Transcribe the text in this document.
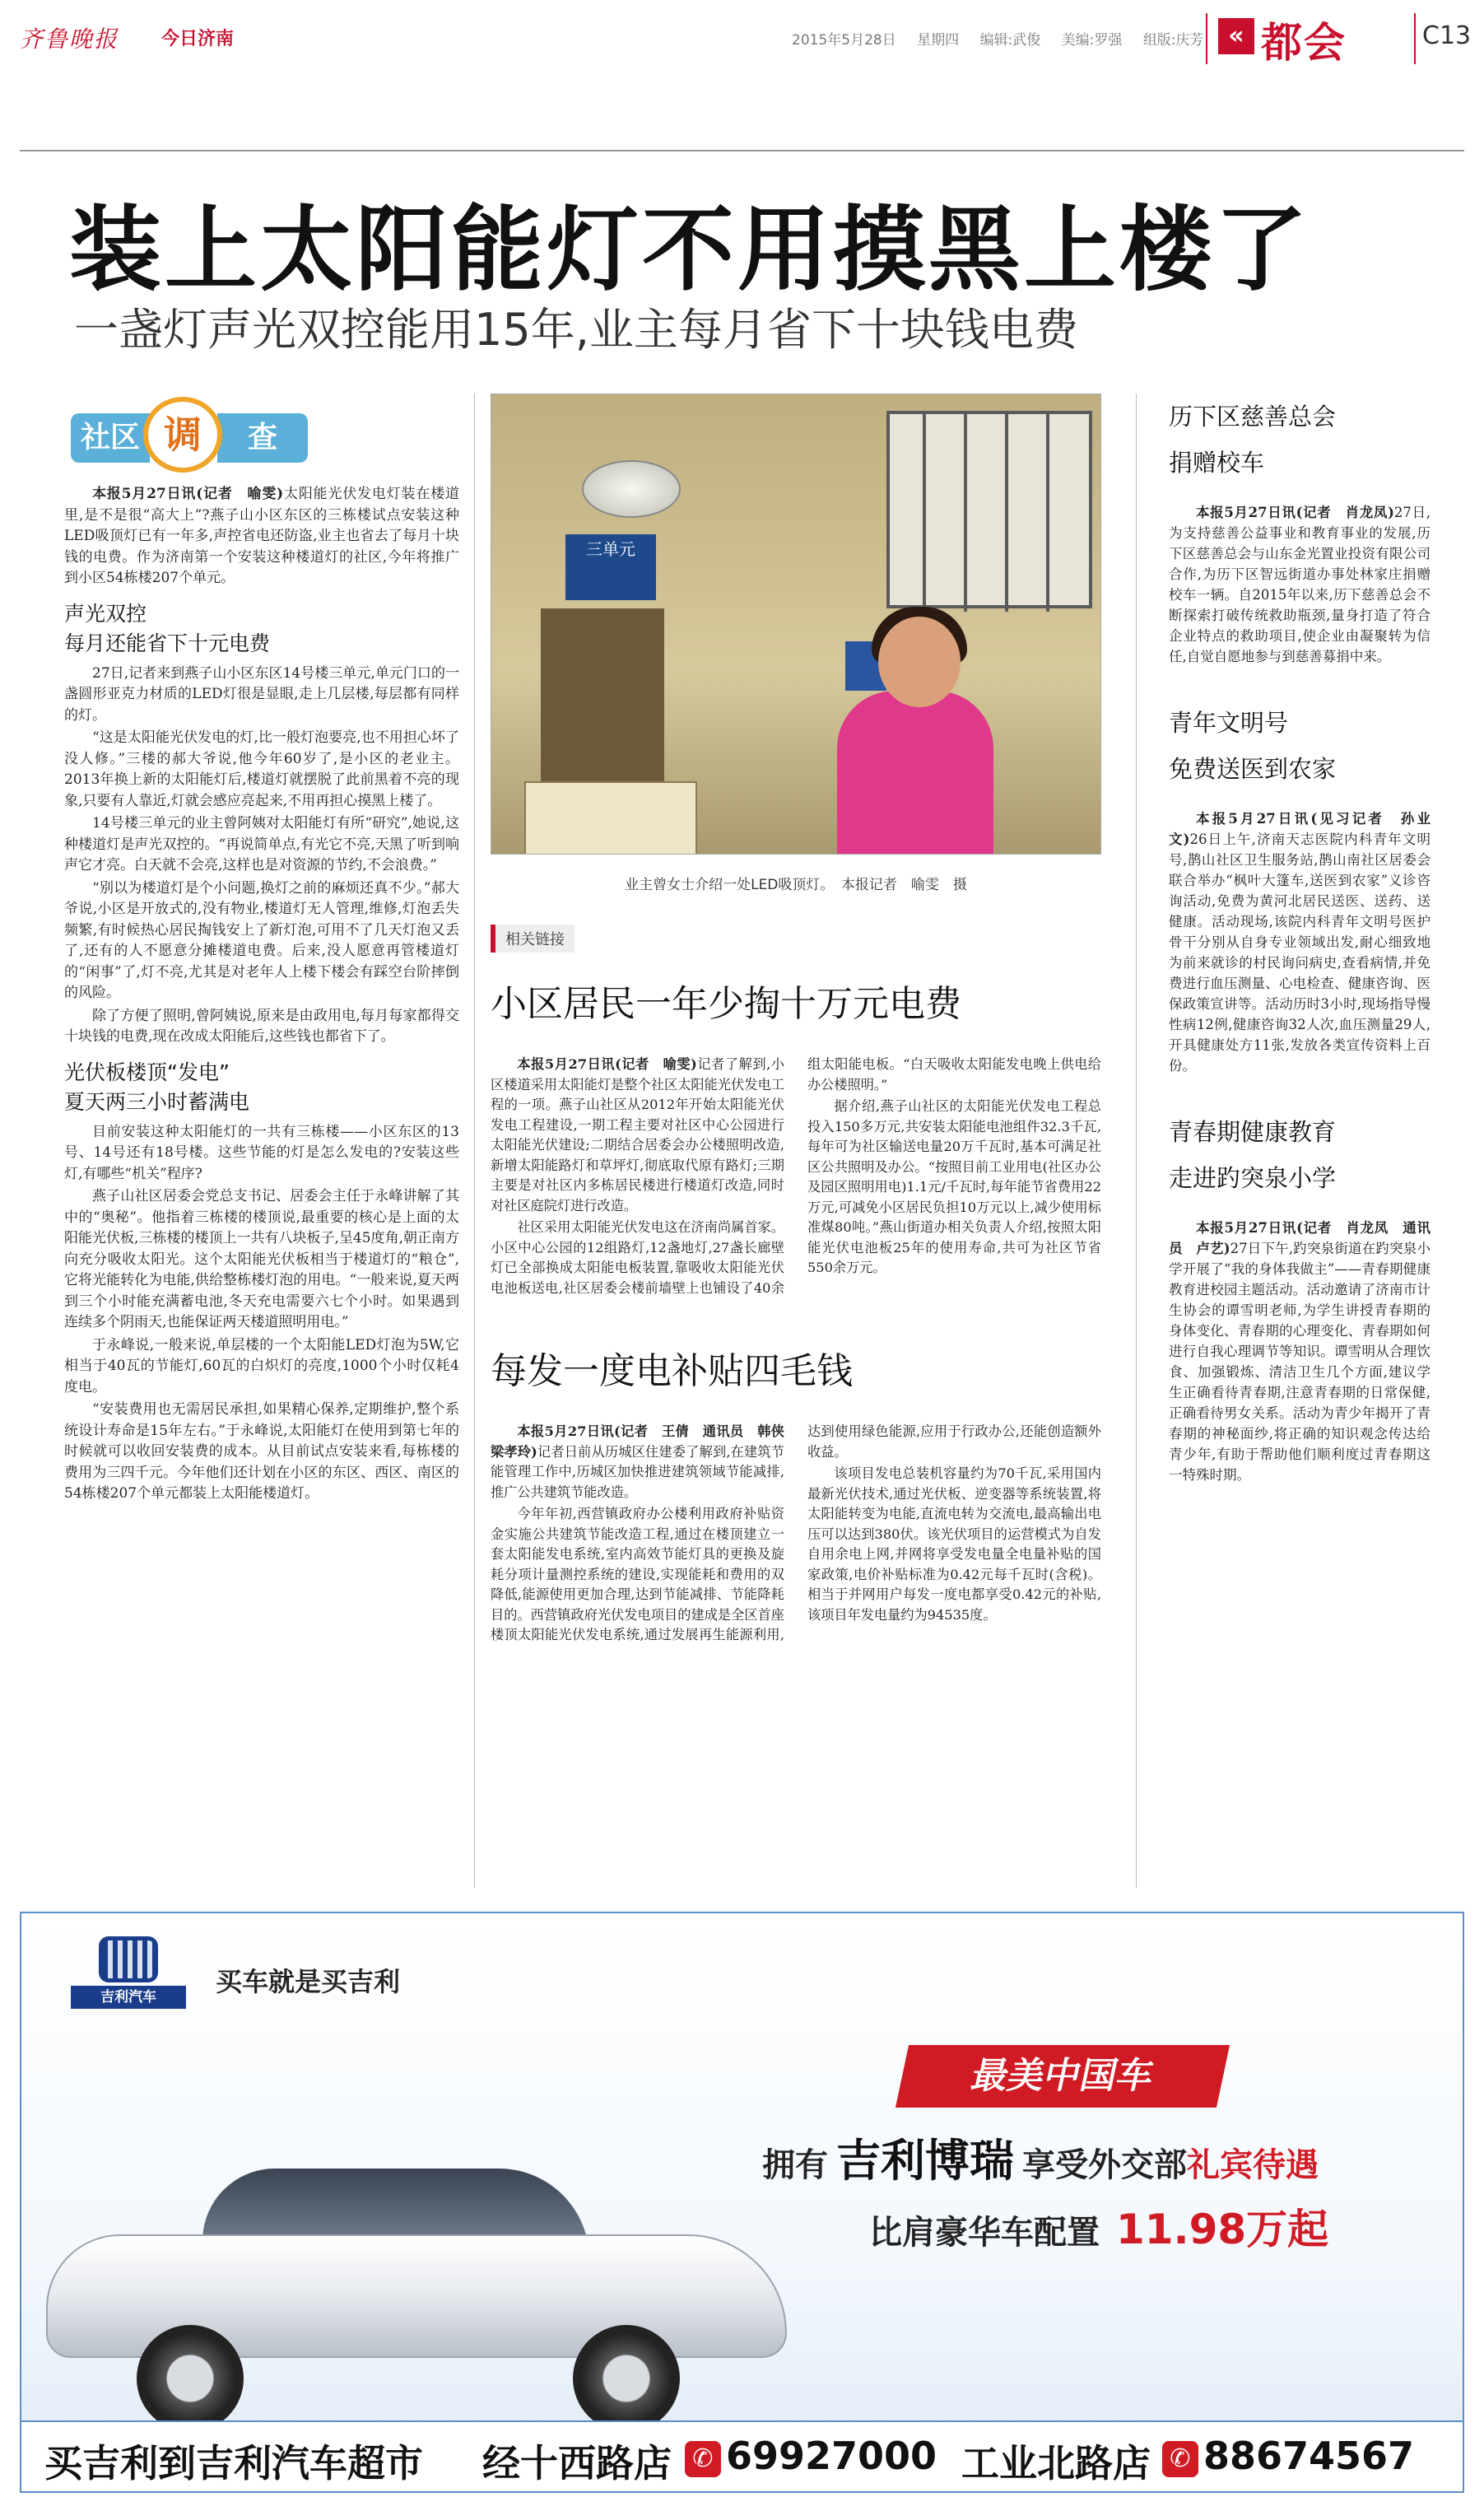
齐鲁晚报 今日济南	2015年5月28日 星期四 编辑:武俊 美编:罗强 组版:庆芳 « 都会	C13
装上太阳能灯不用摸黑上楼了
一盏灯声光双控能用15年,业主每月省下十块钱电费
社区	查
调

本报5月27日讯(记者　喻雯)太阳能光伏发电灯装在楼道里,是不是很“高大上”?燕子山小区东区的三栋楼试点安装这种LED吸顶灯已有一年多,声控省电还防盗,业主也省去了每月十块钱的电费。作为济南第一个安装这种楼道灯的社区,今年将推广到小区54栋楼207个单元。

声光双控
每月还能省下十元电费

27日,记者来到燕子山小区东区14号楼三单元,单元门口的一盏圆形亚克力材质的LED灯很是显眼,走上几层楼,每层都有同样的灯。

“这是太阳能光伏发电的灯,比一般灯泡要亮,也不用担心坏了没人修。”三楼的郝大爷说,他今年60岁了,是小区的老业主。2013年换上新的太阳能灯后,楼道灯就摆脱了此前黑着不亮的现象,只要有人靠近,灯就会感应亮起来,不用再担心摸黑上楼了。

14号楼三单元的业主曾阿姨对太阳能灯有所“研究”,她说,这种楼道灯是声光双控的。“再说简单点,有光它不亮,天黑了听到响声它才亮。白天就不会亮,这样也是对资源的节约,不会浪费。”

“别以为楼道灯是个小问题,换灯之前的麻烦还真不少。”郝大爷说,小区是开放式的,没有物业,楼道灯无人管理,维修,灯泡丢失频繁,有时候热心居民掏钱安上了新灯泡,可用不了几天灯泡又丢了,还有的人不愿意分摊楼道电费。后来,没人愿意再管楼道灯的“闲事”了,灯不亮,尤其是对老年人上楼下楼会有踩空台阶摔倒的风险。

除了方便了照明,曾阿姨说,原来是由政用电,每月每家都得交十块钱的电费,现在改成太阳能后,这些钱也都省下了。

光伏板楼顶“发电”
夏天两三小时蓄满电

目前安装这种太阳能灯的一共有三栋楼——小区东区的13号、14号还有18号楼。这些节能的灯是怎么发电的?安装这些灯,有哪些“机关”程序?

燕子山社区居委会党总支书记、居委会主任于永峰讲解了其中的“奥秘”。他指着三栋楼的楼顶说,最重要的核心是上面的太阳能光伏板,三栋楼的楼顶上一共有八块板子,呈45度角,朝正南方向充分吸收太阳光。这个太阳能光伏板相当于楼道灯的“粮仓”,它将光能转化为电能,供给整栋楼灯泡的用电。“一般来说,夏天两到三个小时能充满蓄电池,冬天充电需要六七个小时。如果遇到连续多个阴雨天,也能保证两天楼道照明用电。”

于永峰说,一般来说,单层楼的一个太阳能LED灯泡为5W,它相当于40瓦的节能灯,60瓦的白炽灯的亮度,1000个小时仅耗4度电。

“安装费用也无需居民承担,如果精心保养,定期维护,整个系统设计寿命是15年左右。”于永峰说,太阳能灯在使用到第七年的时候就可以收回安装费的成本。从目前试点安装来看,每栋楼的费用为三四千元。今年他们还计划在小区的东区、西区、南区的54栋楼207个单元都装上太阳能楼道灯。

三单元
业主曾女士介绍一处LED吸顶灯。　本报记者　喻雯　摄
相关链接
小区居民一年少掏十万元电费

本报5月27日讯(记者　喻雯)记者了解到,小区楼道采用太阳能灯是整个社区太阳能光伏发电工程的一项。燕子山社区从2012年开始太阳能光伏发电工程建设,一期工程主要对社区中心公园进行太阳能光伏建设;二期结合居委会办公楼照明改造,新增太阳能路灯和草坪灯,彻底取代原有路灯;三期主要是对社区内多栋居民楼进行楼道灯改造,同时对社区庭院灯进行改造。

社区采用太阳能光伏发电这在济南尚属首家。小区中心公园的12组路灯,12盏地灯,27盏长廊壁灯已全部换成太阳能电板装置,靠吸收太阳能光伏电池板送电,社区居委会楼前墙壁上也铺设了40余组太阳能电板。“白天吸收太阳能发电晚上供电给办公楼照明。”

据介绍,燕子山社区的太阳能光伏发电工程总投入150多万元,共安装太阳能电池组件32.3千瓦,每年可为社区输送电量20万千瓦时,基本可满足社区公共照明及办公。“按照目前工业用电(社区办公及园区照明用电)1.1元/千瓦时,每年能节省费用22万元,可减免小区居民负担10万元以上,减少使用标准煤80吨。”燕山街道办相关负责人介绍,按照太阳能光伏电池板25年的使用寿命,共可为社区节省550余万元。

每发一度电补贴四毛钱

本报5月27日讯(记者　王倩　通讯员　韩侠　梁孝玲)记者日前从历城区住建委了解到,在建筑节能管理工作中,历城区加快推进建筑领域节能减排,推广公共建筑节能改造。

今年年初,西营镇政府办公楼利用政府补贴资金实施公共建筑节能改造工程,通过在楼顶建立一套太阳能发电系统,室内高效节能灯具的更换及旋耗分项计量测控系统的建设,实现能耗和费用的双降低,能源使用更加合理,达到节能减排、节能降耗目的。西营镇政府光伏发电项目的建成是全区首座楼顶太阳能光伏发电系统,通过发展再生能源利用,达到使用绿色能源,应用于行政办公,还能创造额外收益。

该项目发电总装机容量约为70千瓦,采用国内最新光伏技术,通过光伏板、逆变器等系统装置,将太阳能转变为电能,直流电转为交流电,最高输出电压可以达到380伏。该光伏项目的运营模式为自发自用余电上网,并网将享受发电量全电量补贴的国家政策,电价补贴标准为0.42元每千瓦时(含税)。相当于并网用户每发一度电都享受0.42元的补贴,该项目年发电量约为94535度。

历下区慈善总会
捐赠校车

本报5月27日讯(记者　肖龙凤)27日,为支持慈善公益事业和教育事业的发展,历下区慈善总会与山东金光置业投资有限公司合作,为历下区智远街道办事处林家庄捐赠校车一辆。自2015年以来,历下慈善总会不断探索打破传统救助瓶颈,量身打造了符合企业特点的救助项目,使企业由凝聚转为信任,自觉自愿地参与到慈善募捐中来。

青年文明号
免费送医到农家

本报5月27日讯(见习记者　孙业文)26日上午,济南天志医院内科青年文明号,鹊山社区卫生服务站,鹊山南社区居委会联合举办“枫叶大篷车,送医到农家”义诊咨询活动,免费为黄河北居民送医、送药、送健康。活动现场,该院内科青年文明号医护骨干分别从自身专业领域出发,耐心细致地为前来就诊的村民询问病史,查看病情,并免费进行血压测量、心电检查、健康咨询、医保政策宣讲等。活动历时3小时,现场指导慢性病12例,健康咨询32人次,血压测量29人,开具健康处方11张,发放各类宣传资料上百份。

青春期健康教育
走进趵突泉小学

本报5月27日讯(记者　肖龙凤　通讯员　卢艺)27日下午,趵突泉街道在趵突泉小学开展了“我的身体我做主”——青春期健康教育进校园主题活动。活动邀请了济南市计生协会的谭雪明老师,为学生讲授青春期的身体变化、青春期的心理变化、青春期如何进行自我心理调节等知识。谭雪明从合理饮食、加强锻炼、清洁卫生几个方面,建议学生正确看待青春期,注意青春期的日常保健,正确看待男女关系。活动为青少年揭开了青春期的神秘面纱,将正确的知识观念传达给青少年,有助于帮助他们顺利度过青春期这一特殊时期。

吉利汽车	买车就是买吉利
最美中国车
拥有 吉利博瑞 享受外交部礼宾待遇
比肩豪华车配置 11.98万起
买吉利到吉利汽车超市 经十西路店 ✆ 69927000 工业北路店 ✆ 88674567
